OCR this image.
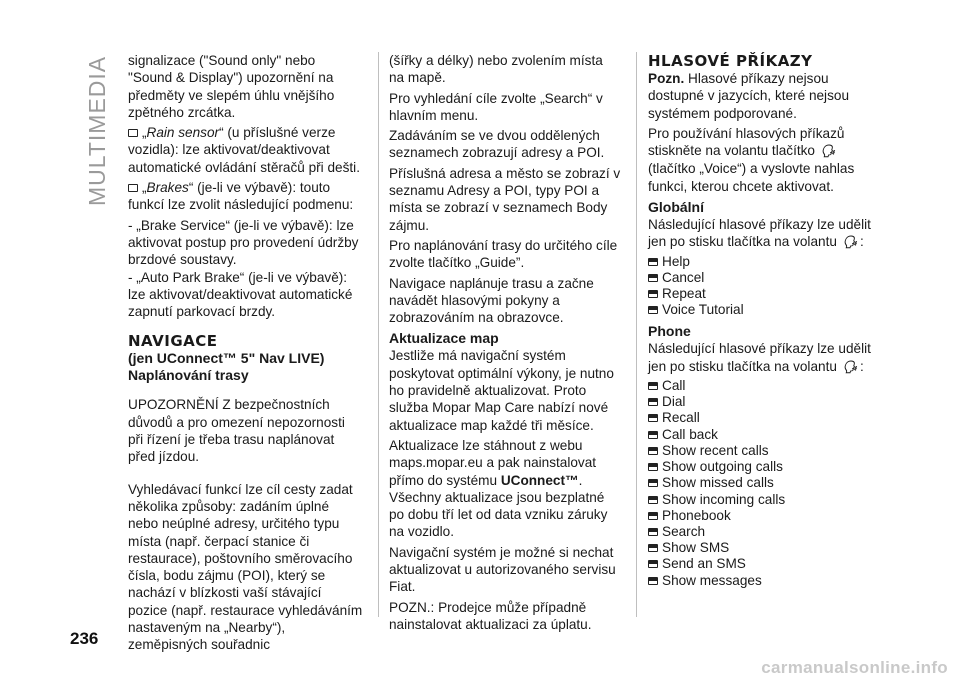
MULTIMEDIA
236

signalizace ("Sound only" nebo "Sound & Display") upozornění na předměty ve slepém úhlu vnějšího zpětného zrcátka.

„Rain sensor“ (u příslušné verze vozidla): lze aktivovat/deaktivovat automatické ovládání stěračů při dešti.

„Brakes“ (je-li ve výbavě): touto funkcí lze zvolit následující podmenu:

- „Brake Service“ (je-li ve výbavě): lze aktivovat postup pro provedení údržby brzdové soustavy.

- „Auto Park Brake“ (je-li ve výbavě): lze aktivovat/deaktivovat automatické zapnutí parkovací brzdy.

NAVIGACE
(jen UConnect™ 5" Nav LIVE)
Naplánování trasy

UPOZORNĚNÍ Z bezpečnostních důvodů a pro omezení nepozornosti při řízení je třeba trasu naplánovat před jízdou.

Vyhledávací funkcí lze cíl cesty zadat několika způsoby: zadáním úplné nebo neúplné adresy, určitého typu místa (např. čerpací stanice či restaurace), poštovního směrovacího čísla, bodu zájmu (POI), který se nachází v blízkosti vaší stávající pozice (např. restaurace vyhledáváním nastaveným na „Nearby“), zeměpisných souřadnic

(šířky a délky) nebo zvolením místa na mapě.

Pro vyhledání cíle zvolte „Search“ v hlavním menu.

Zadáváním se ve dvou oddělených seznamech zobrazují adresy a POI.

Příslušná adresa a město se zobrazí v seznamu Adresy a POI, typy POI a místa se zobrazí v seznamech Body zájmu.

Pro naplánování trasy do určitého cíle zvolte tlačítko „Guide”.

Navigace naplánuje trasu a začne navádět hlasovými pokyny a zobrazováním na obrazovce.

Aktualizace map

Jestliže má navigační systém poskytovat optimální výkony, je nutno ho pravidelně aktualizovat. Proto služba Mopar Map Care nabízí nové aktualizace map každé tři měsíce.

Aktualizace lze stáhnout z webu maps.mopar.eu a pak nainstalovat přímo do systému UConnect™.

Všechny aktualizace jsou bezplatné po dobu tří let od data vzniku záruky na vozidlo.

Navigační systém je možné si nechat aktualizovat u autorizovaného servisu Fiat.

POZN.: Prodejce může případně nainstalovat aktualizaci za úplatu.

HLASOVÉ PŘÍKAZY

Pozn. Hlasové příkazy nejsou dostupné v jazycích, které nejsou systémem podporované.

Pro používání hlasových příkazů stiskněte na volantu tlačítko 🗣︎ (tlačítko „Voice“) a vyslovte nahlas funkci, kterou chcete aktivovat.

Globální

Následující hlasové příkazy lze udělit jen po stisku tlačítka na volantu 🗣︎:

Help
Cancel
Repeat
Voice Tutorial
Phone

Následující hlasové příkazy lze udělit jen po stisku tlačítka na volantu 🗣︎:

Call
Dial
Recall
Call back
Show recent calls
Show outgoing calls
Show missed calls
Show incoming calls
Phonebook
Search
Show SMS
Send an SMS
Show messages
carmanualsonline.info
